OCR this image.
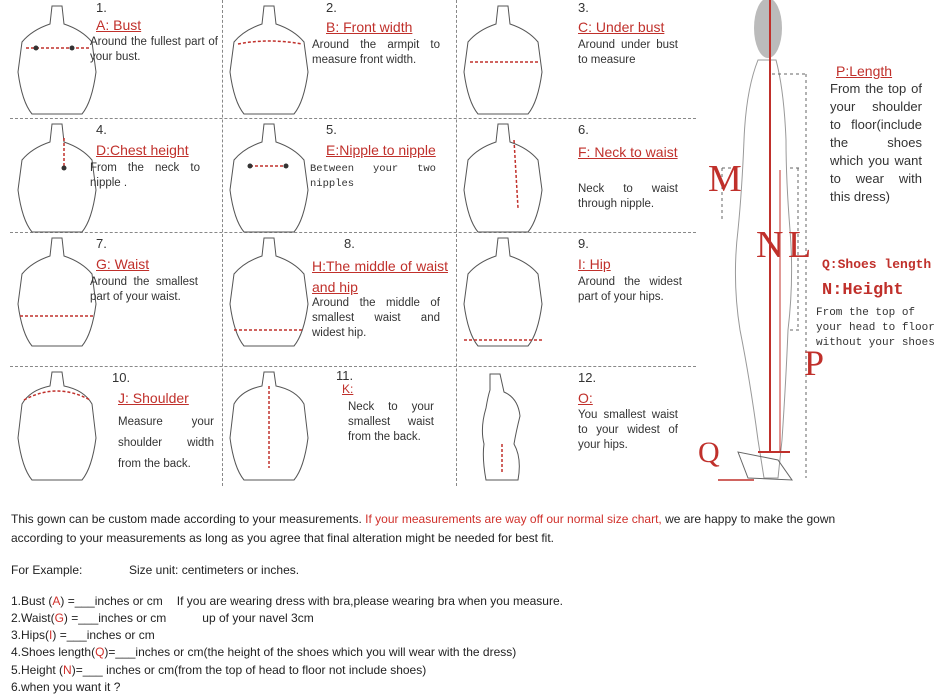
1.
A: Bust
Around the fullest part of your bust.
2.
B: Front width
Around the armpit to measure front width.
3.
C: Under bust
Around under bust to measure
4.
D:Chest height
From the neck to nipple .
5.
E:Nipple to nipple
Between your two nipples
6.
F: Neck to waist
Neck to waist through nipple.
7.
G: Waist
Around the smallest part of your waist.
8.
H:The middle of waist and hip
Around the middle of smallest waist and widest hip.
9.
I: Hip
Around the widest part of your hips.
10.
J: Shoulder
Measure your shoulder width from the back.
11.
K:
Neck to your smallest waist from the back.
12.
O:
You smallest waist to your widest of your hips.
M
N L
P
Q
P:Length
From the top of your shoulder to floor(include the shoes which you want to wear with this dress)
Q:Shoes length
N:Height
From the top of your head to floor without your shoes
This gown can be custom made according to your measurements. If your measurements are way off our normal size chart, we are happy to make the gown
according to your measurements as long as you agree that final alteration might be needed for best fit.
For Example:	Size unit: centimeters or inches.
1.Bust (A) =___inches or cm If you are wearing dress with bra,please wearing bra when you measure.
2.Waist(G) =___inches or cm	up of your navel 3cm
3.Hips(I) =___inches or cm
4.Shoes length(Q)=___inches or cm(the height of the shoes which you will wear with the dress)
5.Height (N)=___ inches or cm(from the top of head to floor not include shoes)
6.when you want it ?
